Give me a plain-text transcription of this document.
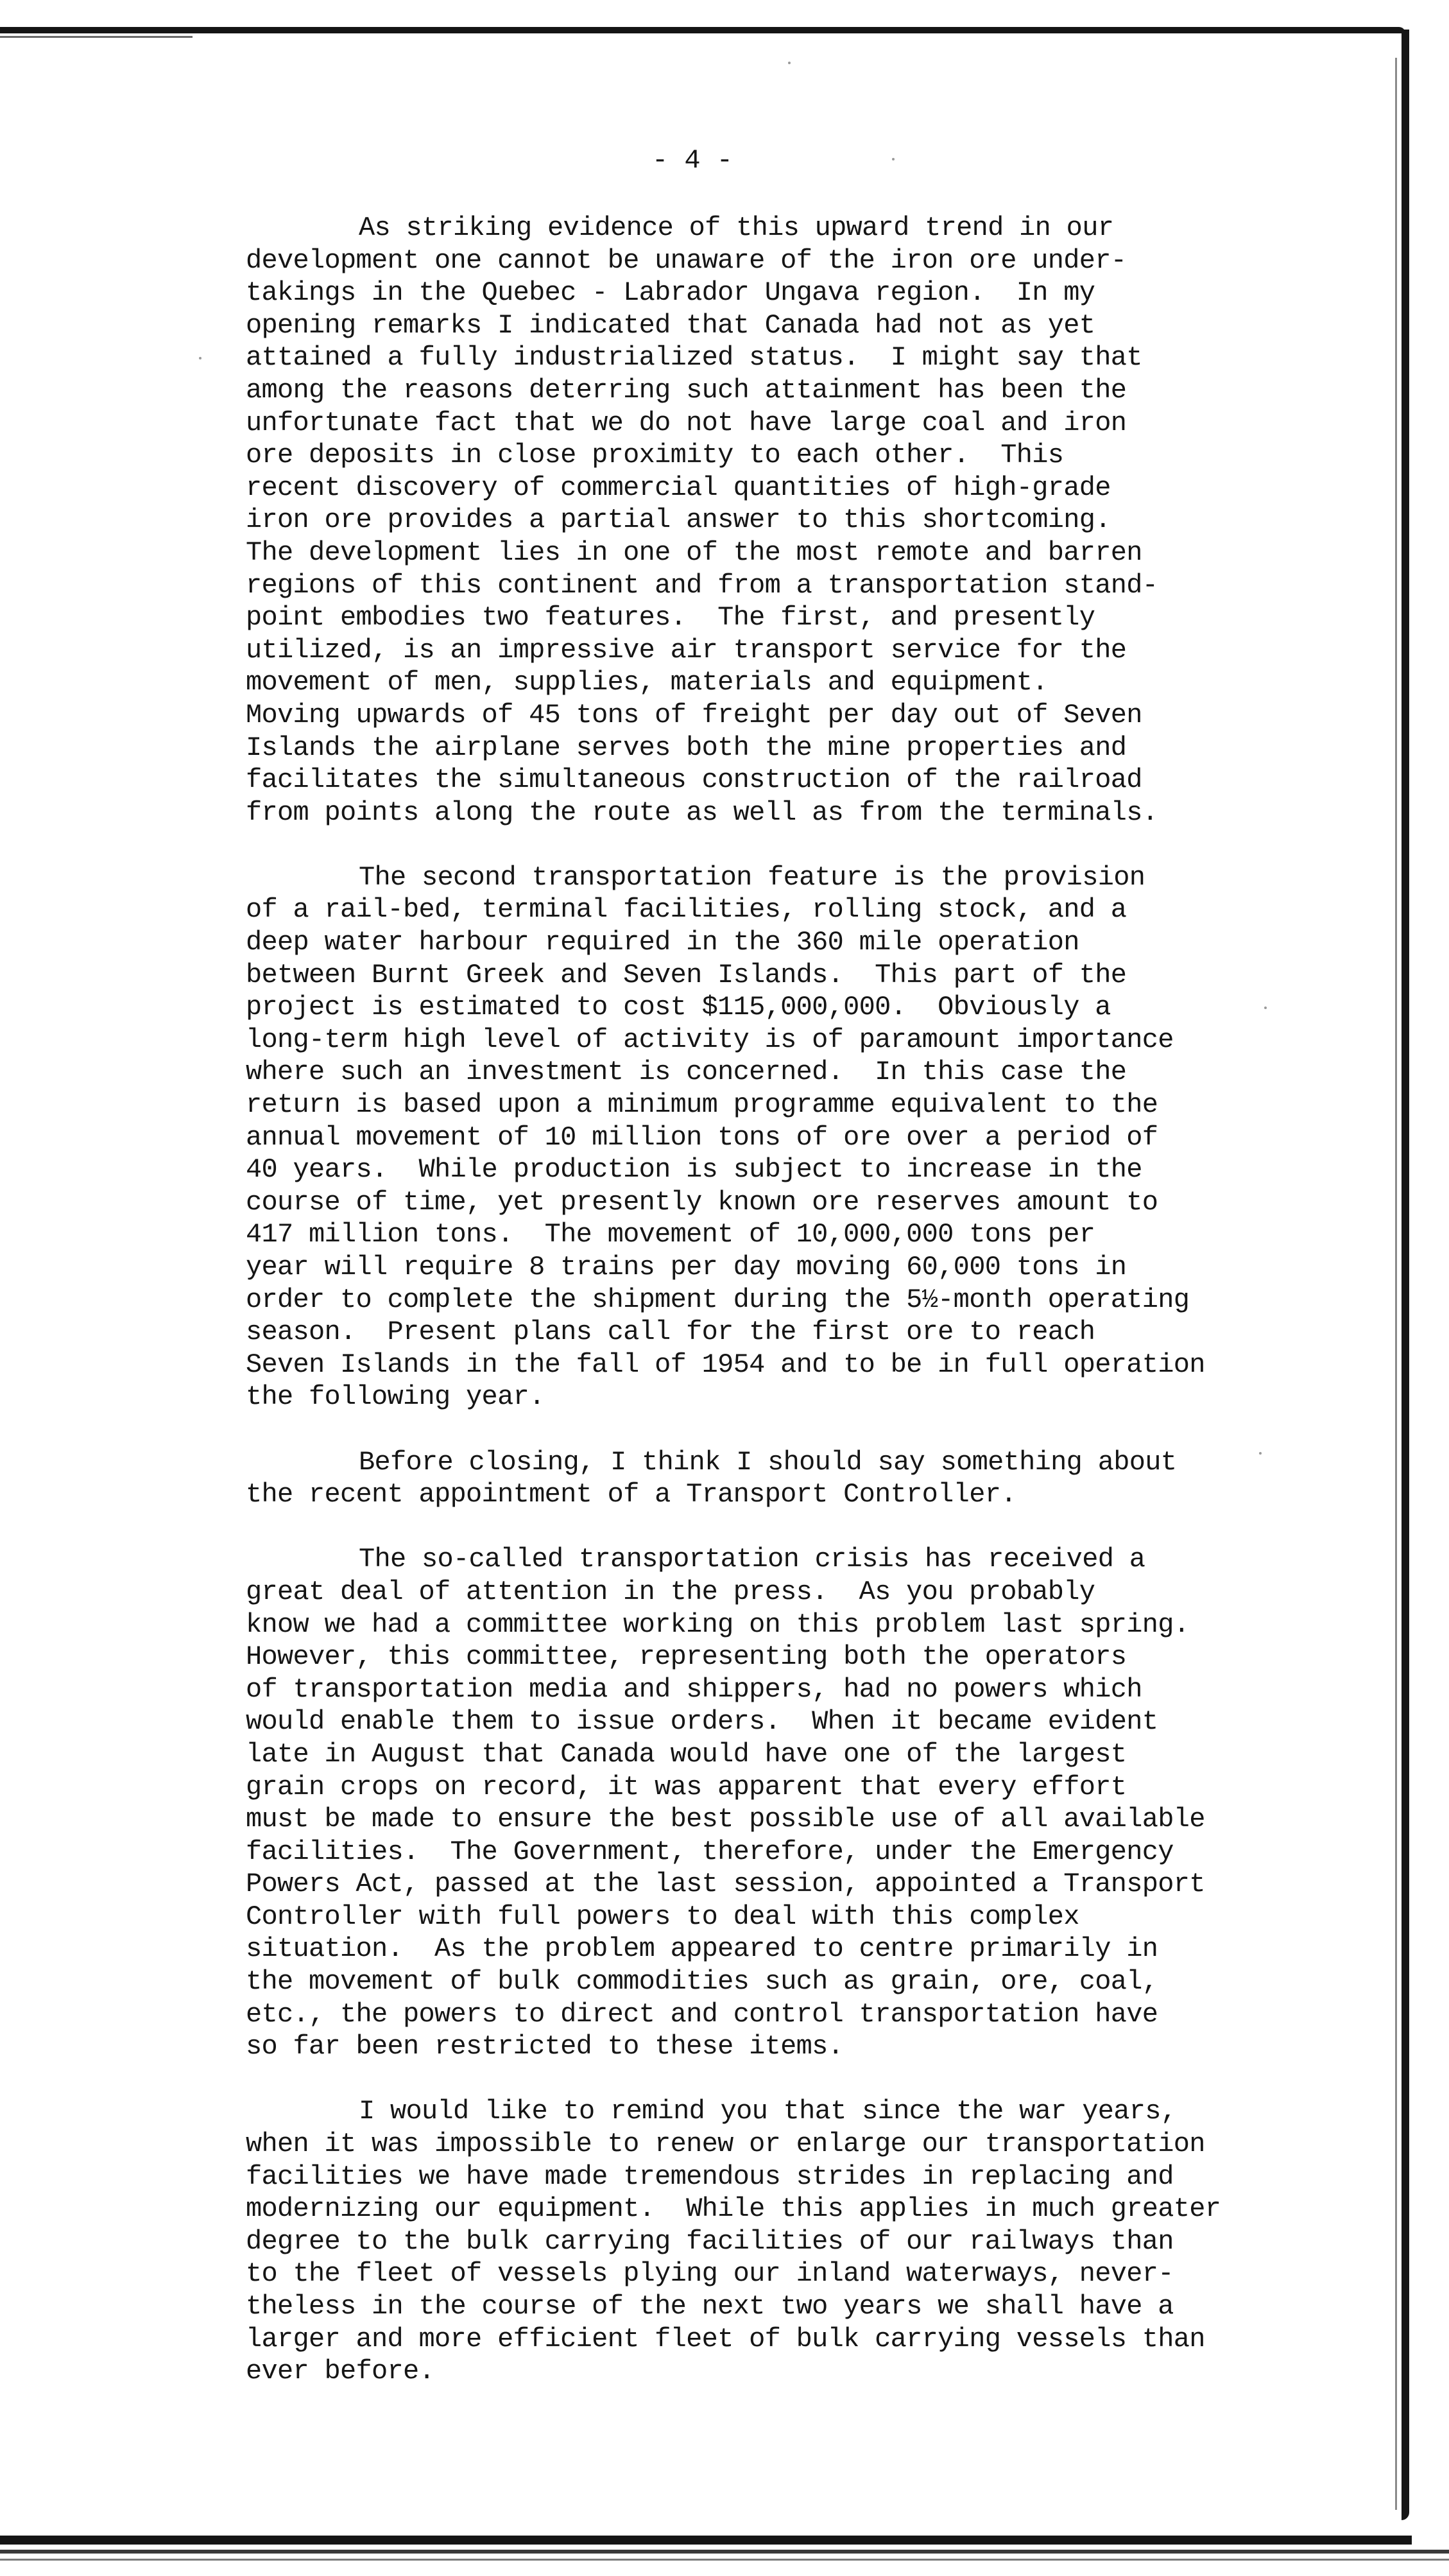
- 4 -

As striking evidence of this upward trend in our
development one cannot be unaware of the iron ore under-
takings in the Quebec - Labrador Ungava region.  In my
opening remarks I indicated that Canada had not as yet
attained a fully industrialized status.  I might say that
among the reasons deterring such attainment has been the
unfortunate fact that we do not have large coal and iron
ore deposits in close proximity to each other.  This
recent discovery of commercial quantities of high-grade
iron ore provides a partial answer to this shortcoming.
The development lies in one of the most remote and barren
regions of this continent and from a transportation stand-
point embodies two features.  The first, and presently
utilized, is an impressive air transport service for the
movement of men, supplies, materials and equipment.
Moving upwards of 45 tons of freight per day out of Seven
Islands the airplane serves both the mine properties and
facilitates the simultaneous construction of the railroad
from points along the route as well as from the terminals.
The second transportation feature is the provision
of a rail-bed, terminal facilities, rolling stock, and a
deep water harbour required in the 360 mile operation
between Burnt Greek and Seven Islands.  This part of the
project is estimated to cost $115,000,000.  Obviously a
long-term high level of activity is of paramount importance
where such an investment is concerned.  In this case the
return is based upon a minimum programme equivalent to the
annual movement of 10 million tons of ore over a period of
40 years.  While production is subject to increase in the
course of time, yet presently known ore reserves amount to
417 million tons.  The movement of 10,000,000 tons per
year will require 8 trains per day moving 60,000 tons in
order to complete the shipment during the 5½-month operating
season.  Present plans call for the first ore to reach
Seven Islands in the fall of 1954 and to be in full operation
the following year.
Before closing, I think I should say something about
the recent appointment of a Transport Controller.
The so-called transportation crisis has received a
great deal of attention in the press.  As you probably
know we had a committee working on this problem last spring.
However, this committee, representing both the operators
of transportation media and shippers, had no powers which
would enable them to issue orders.  When it became evident
late in August that Canada would have one of the largest
grain crops on record, it was apparent that every effort
must be made to ensure the best possible use of all available
facilities.  The Government, therefore, under the Emergency
Powers Act, passed at the last session, appointed a Transport
Controller with full powers to deal with this complex
situation.  As the problem appeared to centre primarily in
the movement of bulk commodities such as grain, ore, coal,
etc., the powers to direct and control transportation have
so far been restricted to these items.
I would like to remind you that since the war years,
when it was impossible to renew or enlarge our transportation
facilities we have made tremendous strides in replacing and
modernizing our equipment.  While this applies in much greater
degree to the bulk carrying facilities of our railways than
to the fleet of vessels plying our inland waterways, never-
theless in the course of the next two years we shall have a
larger and more efficient fleet of bulk carrying vessels than
ever before.
